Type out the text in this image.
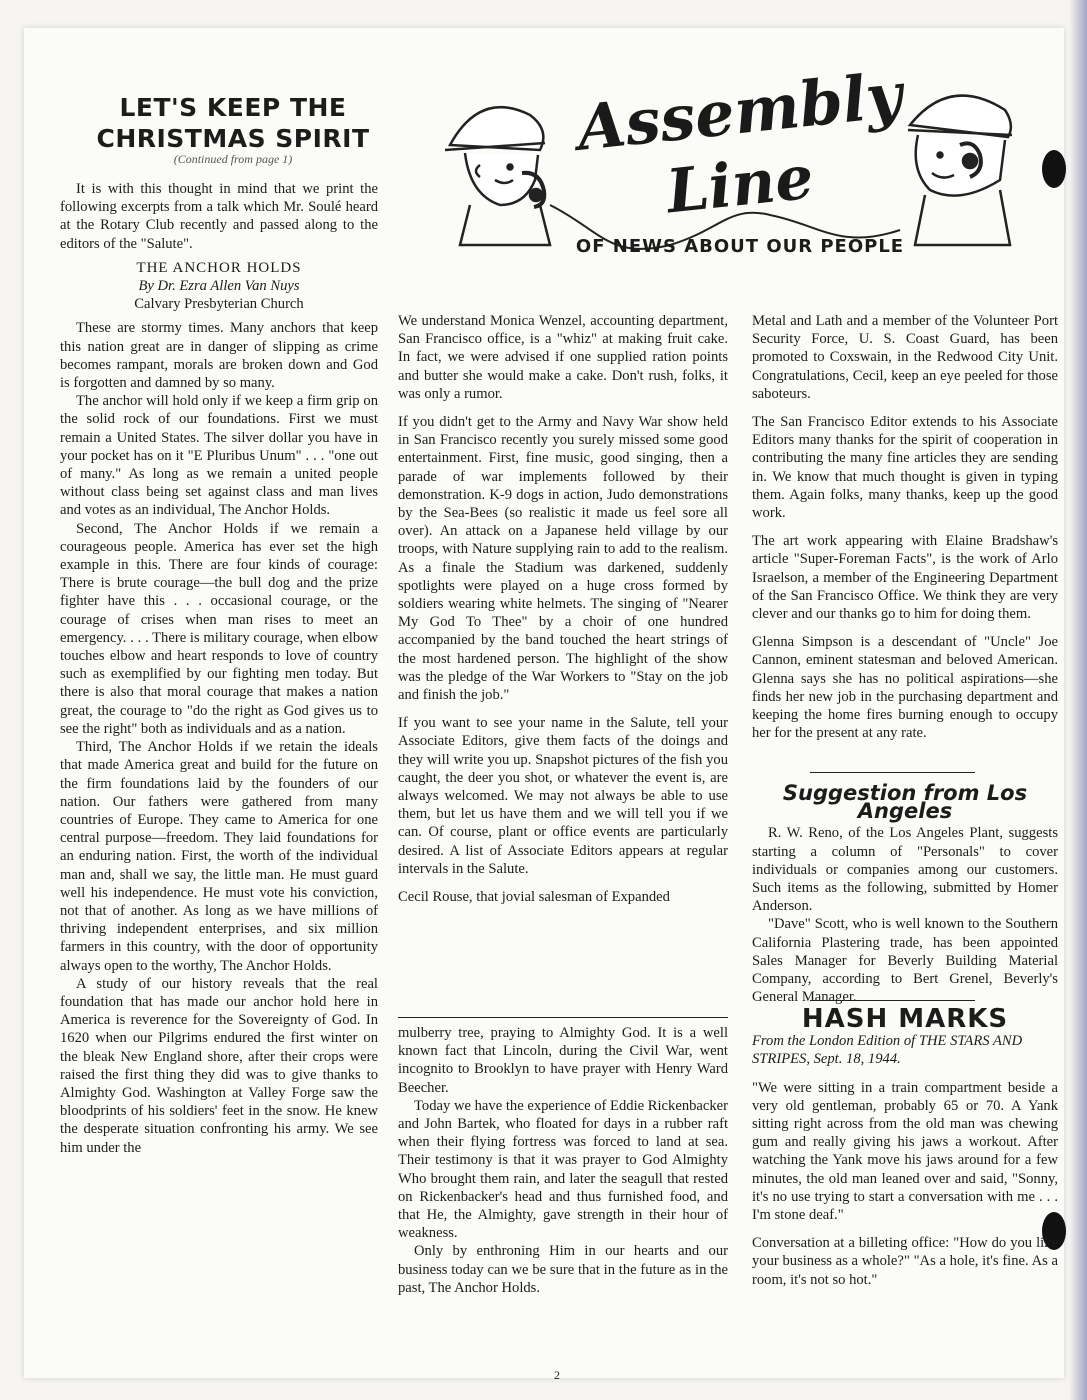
Assembly
Line
OF NEWS ABOUT OUR PEOPLE
LET'S KEEP THE CHRISTMAS SPIRIT
(Continued from page 1)

It is with this thought in mind that we print the following excerpts from a talk which Mr. Soulé heard at the Rotary Club recently and passed along to the editors of the "Salute".

THE ANCHOR HOLDS
By Dr. Ezra Allen Van Nuys
Calvary Presbyterian Church

These are stormy times. Many anchors that keep this nation great are in danger of slipping as crime becomes rampant, morals are broken down and God is forgotten and damned by so many.

The anchor will hold only if we keep a firm grip on the solid rock of our foundations. First we must remain a United States. The silver dollar you have in your pocket has on it "E Pluribus Unum" . . . "one out of many." As long as we remain a united people without class being set against class and man lives and votes as an individual, The Anchor Holds.

Second, The Anchor Holds if we remain a courageous people. America has ever set the high example in this. There are four kinds of courage: There is brute courage—the bull dog and the prize fighter have this . . . occasional courage, or the courage of crises when man rises to meet an emergency. . . . There is military courage, when elbow touches elbow and heart responds to love of country such as exemplified by our fighting men today. But there is also that moral courage that makes a nation great, the courage to "do the right as God gives us to see the right" both as individuals and as a nation.

Third, The Anchor Holds if we retain the ideals that made America great and build for the future on the firm foundations laid by the founders of our nation. Our fathers were gathered from many countries of Europe. They came to America for one central purpose—freedom. They laid foundations for an enduring nation. First, the worth of the individual man and, shall we say, the little man. He must guard well his independence. He must vote his conviction, not that of another. As long as we have millions of thriving independent enterprises, and six million farmers in this country, with the door of opportunity always open to the worthy, The Anchor Holds.

A study of our history reveals that the real foundation that has made our anchor hold here in America is reverence for the Sovereignty of God. In 1620 when our Pilgrims endured the first winter on the bleak New England shore, after their crops were raised the first thing they did was to give thanks to Almighty God. Washington at Valley Forge saw the bloodprints of his soldiers' feet in the snow. He knew the desperate situation confronting his army. We see him under the

We understand Monica Wenzel, accounting department, San Francisco office, is a "whiz" at making fruit cake. In fact, we were advised if one supplied ration points and butter she would make a cake. Don't rush, folks, it was only a rumor.

If you didn't get to the Army and Navy War show held in San Francisco recently you surely missed some good entertainment. First, fine music, good singing, then a parade of war implements followed by their demonstration. K-9 dogs in action, Judo demonstrations by the Sea-Bees (so realistic it made us feel sore all over). An attack on a Japanese held village by our troops, with Nature supplying rain to add to the realism. As a finale the Stadium was darkened, suddenly spotlights were played on a huge cross formed by soldiers wearing white helmets. The singing of "Nearer My God To Thee" by a choir of one hundred accompanied by the band touched the heart strings of the most hardened person. The highlight of the show was the pledge of the War Workers to "Stay on the job and finish the job."

If you want to see your name in the Salute, tell your Associate Editors, give them facts of the doings and they will write you up. Snapshot pictures of the fish you caught, the deer you shot, or whatever the event is, are always welcomed. We may not always be able to use them, but let us have them and we will tell you if we can. Of course, plant or office events are particularly desired. A list of Associate Editors appears at regular intervals in the Salute.

Cecil Rouse, that jovial salesman of Expanded

mulberry tree, praying to Almighty God. It is a well known fact that Lincoln, during the Civil War, went incognito to Brooklyn to have prayer with Henry Ward Beecher.

Today we have the experience of Eddie Rickenbacker and John Bartek, who floated for days in a rubber raft when their flying fortress was forced to land at sea. Their testimony is that it was prayer to God Almighty Who brought them rain, and later the seagull that rested on Rickenbacker's head and thus furnished food, and that He, the Almighty, gave strength in their hour of weakness.

Only by enthroning Him in our hearts and our business today can we be sure that in the future as in the past, The Anchor Holds.

Metal and Lath and a member of the Volunteer Port Security Force, U. S. Coast Guard, has been promoted to Coxswain, in the Redwood City Unit. Congratulations, Cecil, keep an eye peeled for those saboteurs.

The San Francisco Editor extends to his Associate Editors many thanks for the spirit of cooperation in contributing the many fine articles they are sending in. We know that much thought is given in typing them. Again folks, many thanks, keep up the good work.

The art work appearing with Elaine Bradshaw's article "Super-Foreman Facts", is the work of Arlo Israelson, a member of the Engineering Department of the San Francisco Office. We think they are very clever and our thanks go to him for doing them.

Glenna Simpson is a descendant of "Uncle" Joe Cannon, eminent statesman and beloved American. Glenna says she has no political aspirations—she finds her new job in the purchasing department and keeping the home fires burning enough to occupy her for the present at any rate.

Suggestion from Los Angeles

R. W. Reno, of the Los Angeles Plant, suggests starting a column of "Personals" to cover individuals or companies among our customers. Such items as the following, submitted by Homer Anderson.

"Dave" Scott, who is well known to the Southern California Plastering trade, has been appointed Sales Manager for Beverly Building Material Company, according to Bert Grenel, Beverly's General Manager.

HASH MARKS
From the London Edition of THE STARS AND STRIPES, Sept. 18, 1944.

"We were sitting in a train compartment beside a very old gentleman, probably 65 or 70. A Yank sitting right across from the old man was chewing gum and really giving his jaws a workout. After watching the Yank move his jaws around for a few minutes, the old man leaned over and said, "Sonny, it's no use trying to start a conversation with me . . . I'm stone deaf."

Conversation at a billeting office: "How do you like your business as a whole?" "As a hole, it's fine. As a room, it's not so hot."

2
